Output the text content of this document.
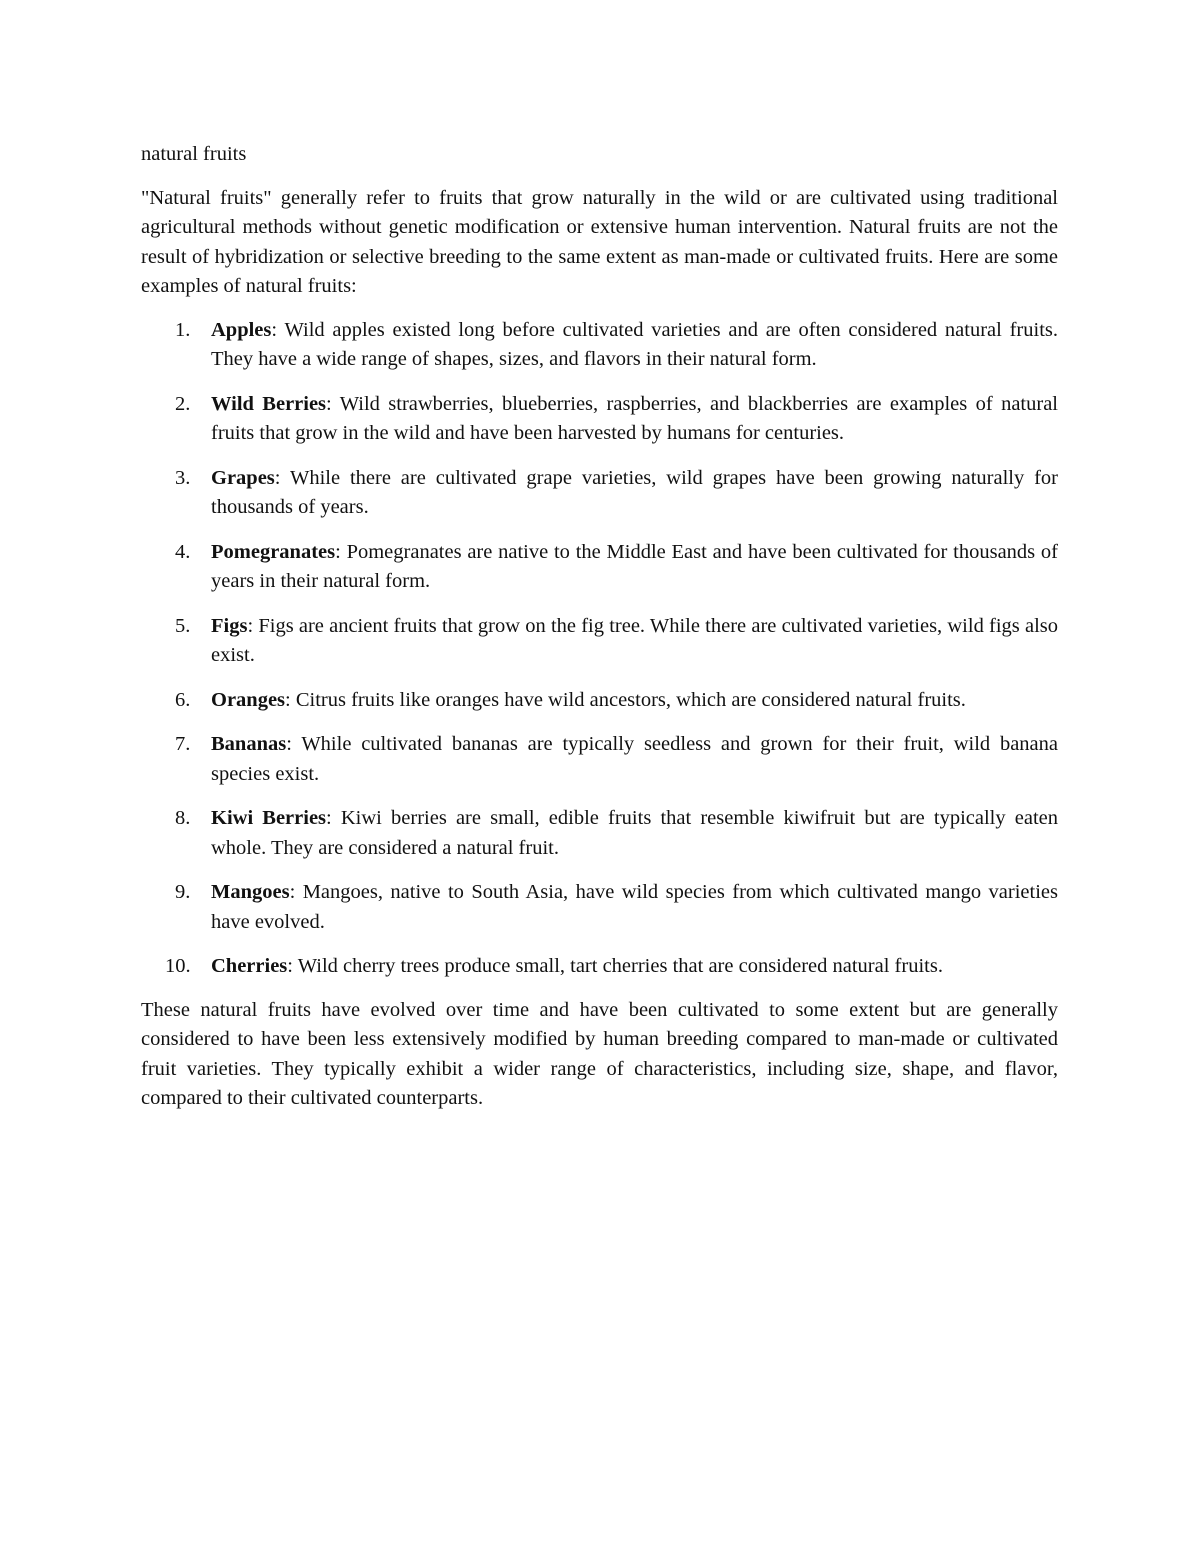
natural fruits

"Natural fruits" generally refer to fruits that grow naturally in the wild or are cultivated using traditional agricultural methods without genetic modification or extensive human intervention. Natural fruits are not the result of hybridization or selective breeding to the same extent as man-made or cultivated fruits. Here are some examples of natural fruits:

1. Apples: Wild apples existed long before cultivated varieties and are often considered natural fruits. They have a wide range of shapes, sizes, and flavors in their natural form.
2. Wild Berries: Wild strawberries, blueberries, raspberries, and blackberries are examples of natural fruits that grow in the wild and have been harvested by humans for centuries.
3. Grapes: While there are cultivated grape varieties, wild grapes have been growing naturally for thousands of years.
4. Pomegranates: Pomegranates are native to the Middle East and have been cultivated for thousands of years in their natural form.
5. Figs: Figs are ancient fruits that grow on the fig tree. While there are cultivated varieties, wild figs also exist.
6. Oranges: Citrus fruits like oranges have wild ancestors, which are considered natural fruits.
7. Bananas: While cultivated bananas are typically seedless and grown for their fruit, wild banana species exist.
8. Kiwi Berries: Kiwi berries are small, edible fruits that resemble kiwifruit but are typically eaten whole. They are considered a natural fruit.
9. Mangoes: Mangoes, native to South Asia, have wild species from which cultivated mango varieties have evolved.
10. Cherries: Wild cherry trees produce small, tart cherries that are considered natural fruits.

These natural fruits have evolved over time and have been cultivated to some extent but are generally considered to have been less extensively modified by human breeding compared to man-made or cultivated fruit varieties. They typically exhibit a wider range of characteristics, including size, shape, and flavor, compared to their cultivated counterparts.
